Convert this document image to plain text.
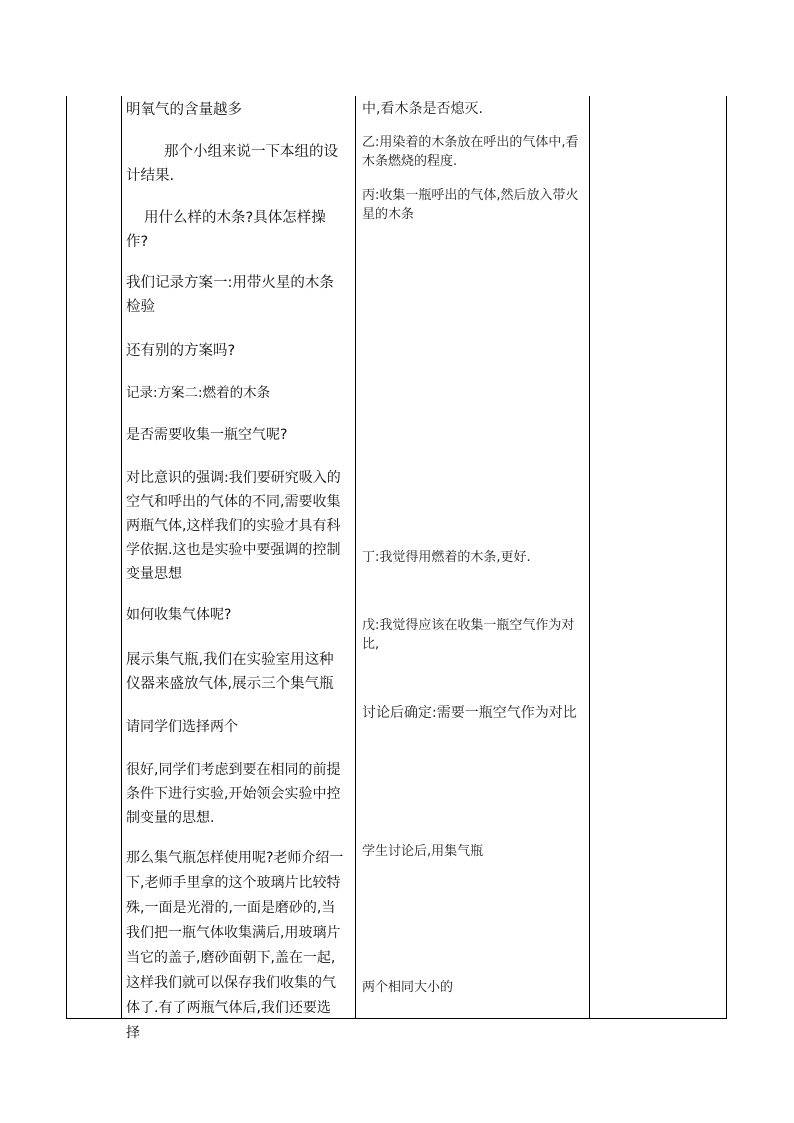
明氧气的含量越多

那个小组来说一下本组的设计结果.

用什么样的木条?具体怎样操作?

我们记录方案一:用带火星的木条检验

还有别的方案吗?

记录:方案二:燃着的木条

是否需要收集一瓶空气呢?

对比意识的强调:我们要研究吸入的空气和呼出的气体的不同,需要收集两瓶气体,这样我们的实验才具有科学依据.这也是实验中要强调的控制变量思想

如何收集气体呢?

展示集气瓶,我们在实验室用这种仪器来盛放气体,展示三个集气瓶

请同学们选择两个

很好,同学们考虑到要在相同的前提条件下进行实验,开始领会实验中控制变量的思想.

那么集气瓶怎样使用呢?老师介绍一下,老师手里拿的这个玻璃片比较特殊,一面是光滑的,一面是磨砂的,当我们把一瓶气体收集满后,用玻璃片当它的盖子,磨砂面朝下,盖在一起,这样我们就可以保存我们收集的气体了.有了两瓶气体后,我们还要选择

中,看木条是否熄灭.

乙:用染着的木条放在呼出的气体中,看木条燃烧的程度.

丙:收集一瓶呼出的气体,然后放入带火星的木条

丁:我觉得用燃着的木条,更好.

戊:我觉得应该在收集一瓶空气作为对比,

讨论后确定:需要一瓶空气作为对比

学生讨论后,用集气瓶

两个相同大小的
